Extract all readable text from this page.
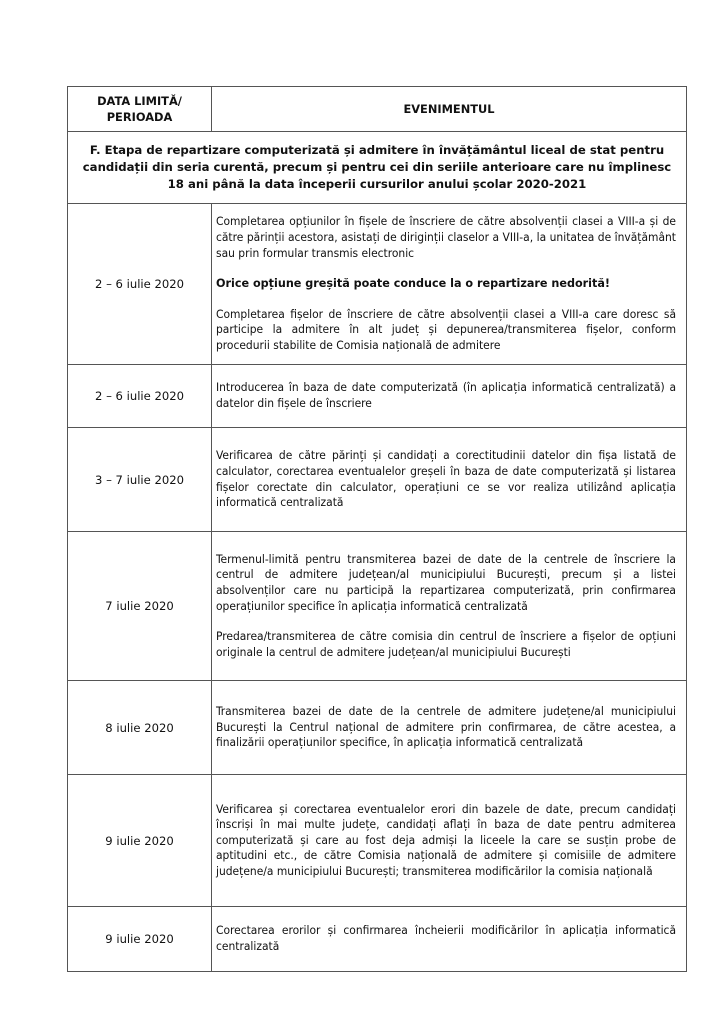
DATA LIMITĂ/ PERIOADA	EVENIMENTUL
F. Etapa de repartizare computerizată și admitere în învățământul liceal de stat pentru candidații din seria curentă, precum și pentru cei din seriile anterioare care nu împlinesc 18 ani până la data începerii cursurilor anului școlar 2020-2021	
2 – 6 iulie 2020	Completarea opțiunilor în fișele de înscriere de către absolvenții clasei a VIII-a și de către părinții acestora, asistați de diriginții claselor a VIII-a, la unitatea de învățământ sau prin formular transmis electronic

Orice opțiune greșită poate conduce la o repartizare nedorită!

Completarea fișelor de înscriere de către absolvenții clasei a VIII-a care doresc să participe la admitere în alt județ și depunerea/transmiterea fișelor, conform procedurii stabilite de Comisia națională de admitere

2 – 6 iulie 2020	Introducerea în baza de date computerizată (în aplicația informatică centralizată) a datelor din fișele de înscriere

3 – 7 iulie 2020	Verificarea de către părinți și candidați a corectitudinii datelor din fișa listată de calculator, corectarea eventualelor greșeli în baza de date computerizată și listarea fișelor corectate din calculator, operațiuni ce se vor realiza utilizând aplicația informatică centralizată

7 iulie 2020	Termenul-limită pentru transmiterea bazei de date de la centrele de înscriere la centrul de admitere județean/al municipiului București, precum și a listei absolvenților care nu participă la repartizarea computerizată, prin confirmarea operațiunilor specifice în aplicația informatică centralizată

Predarea/transmiterea de către comisia din centrul de înscriere a fișelor de opțiuni originale la centrul de admitere județean/al municipiului București

8 iulie 2020	Transmiterea bazei de date de la centrele de admitere județene/al municipiului București la Centrul național de admitere prin confirmarea, de către acestea, a finalizării operațiunilor specifice, în aplicația informatică centralizată

9 iulie 2020	Verificarea și corectarea eventualelor erori din bazele de date, precum candidați înscriși în mai multe județe, candidați aflați în baza de date pentru admiterea computerizată și care au fost deja admiși la liceele la care se susțin probe de aptitudini etc., de către Comisia națională de admitere și comisiile de admitere județene/a municipiului București; transmiterea modificărilor la comisia națională

9 iulie 2020	Corectarea erorilor și confirmarea încheierii modificărilor în aplicația informatică centralizată
